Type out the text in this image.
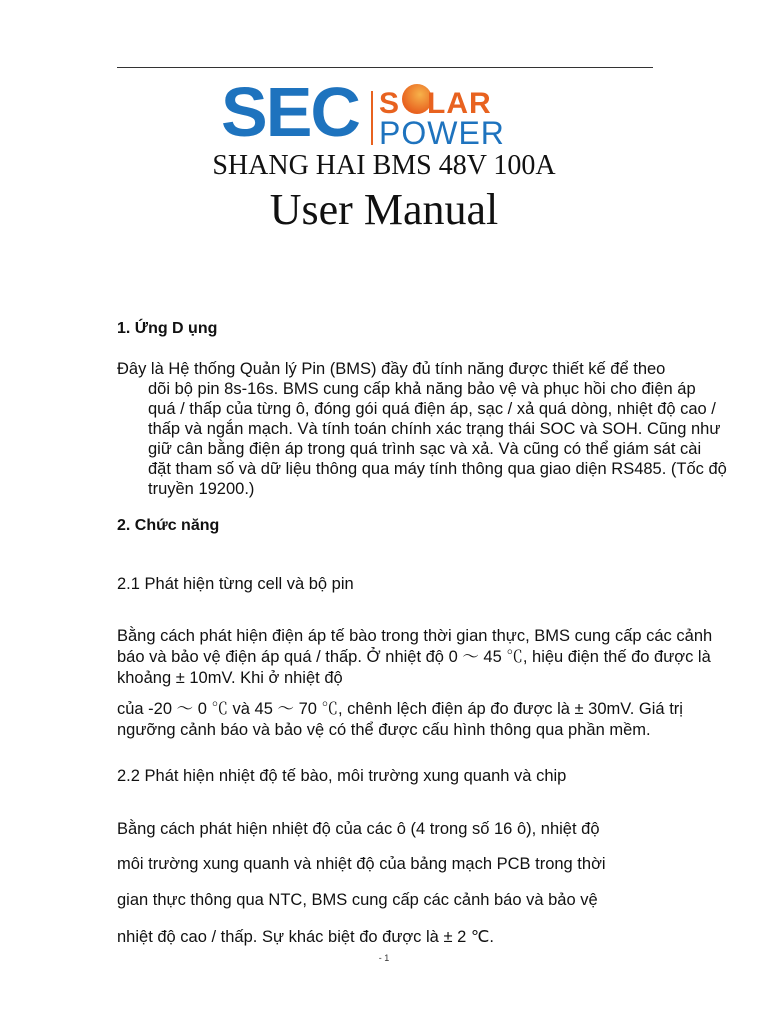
SEC S LAR
POWER
SHANG HAI BMS 48V 100A
User Manual
1. Ứng D ụng
Đây là Hệ thống Quản lý Pin (BMS) đầy đủ tính năng được thiết kế để theo
dõi bộ pin 8s-16s. BMS cung cấp khả năng bảo vệ và phục hồi cho điện áp quá / thấp của từng ô, đóng gói quá điện áp, sạc / xả quá dòng, nhiệt độ cao / thấp và ngắn mạch. Và tính toán chính xác trạng thái SOC và SOH. Cũng như giữ cân bằng điện áp trong quá trình sạc và xả. Và cũng có thể giám sát cài đặt tham số và dữ liệu thông qua máy tính thông qua giao diện RS485. (Tốc độ truyền 19200.)
2. Chức năng
2.1 Phát hiện từng cell và bộ pin
Bằng cách phát hiện điện áp tế bào trong thời gian thực, BMS cung cấp các cảnh báo và bảo vệ điện áp quá / thấp. Ở nhiệt độ 0 ～ 45 ℃, hiệu điện thế đo được là khoảng ± 10mV. Khi ở nhiệt độ
của -20 ～ 0 ℃ và 45 ～ 70 ℃, chênh lệch điện áp đo được là ± 30mV. Giá trị ngưỡng cảnh báo và bảo vệ có thể được cấu hình thông qua phần mềm.
2.2 Phát hiện nhiệt độ tế bào, môi trường xung quanh và chip
Bằng cách phát hiện nhiệt độ của các ô (4 trong số 16 ô), nhiệt độ
môi trường xung quanh và nhiệt độ của bảng mạch PCB trong thời
gian thực thông qua NTC, BMS cung cấp các cảnh báo và bảo vệ
nhiệt độ cao / thấp. Sự khác biệt đo được là ± 2 ℃.
- 1
